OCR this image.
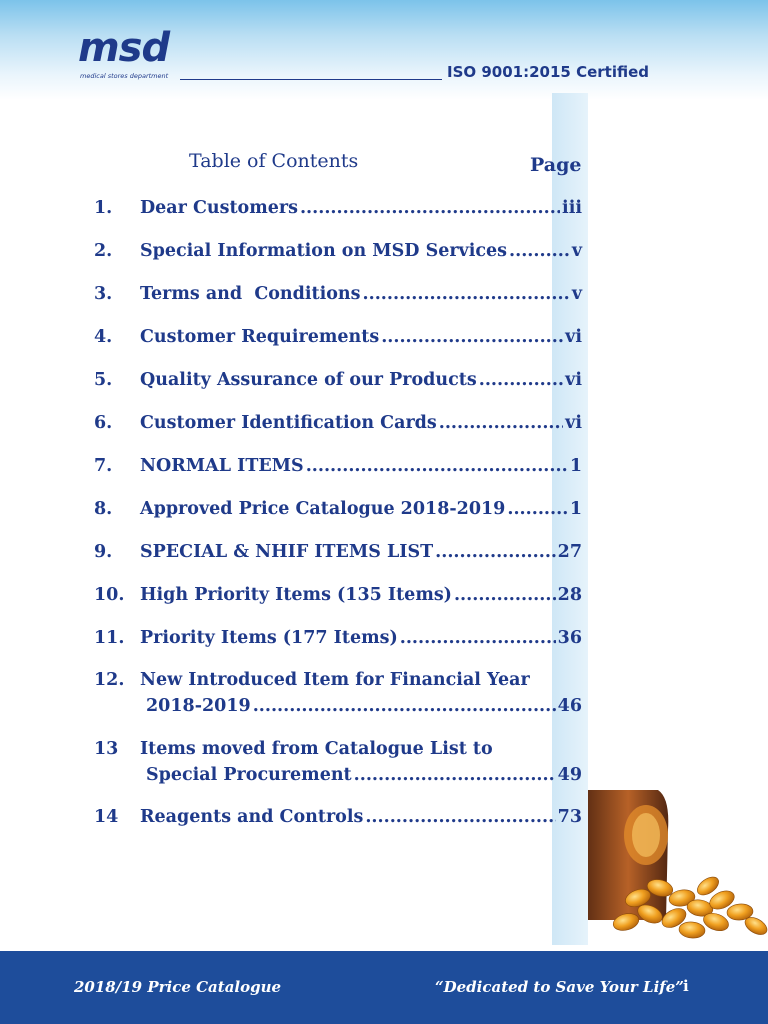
msd
medical stores department	ISO 9001:2015 Certified
Table of Contents	Page
1.	Dear Customers .....	iii
2.	Special Information on MSD Services .....	v
3.	Terms and  Conditions .....	v
4.	Customer Requirements .....	vi
5.	Quality Assurance of our Products .....	vi
6.	Customer Identification Cards .....	vi
7.	NORMAL ITEMS .....	1
8.	Approved Price Catalogue 2018-2019 .....	1
9.	SPECIAL & NHIF ITEMS LIST .....	27
10. High Priority Items (135 Items) .....	28
11. Priority Items (177 Items) .....	36
12. New Introduced Item for Financial Year
2018-2019 .....	46
13	Items moved from Catalogue List to
Special Procurement .....	49
14	Reagents and Controls .....	73
2018/19 Price Catalogue	“Dedicated to Save Your Life” i
